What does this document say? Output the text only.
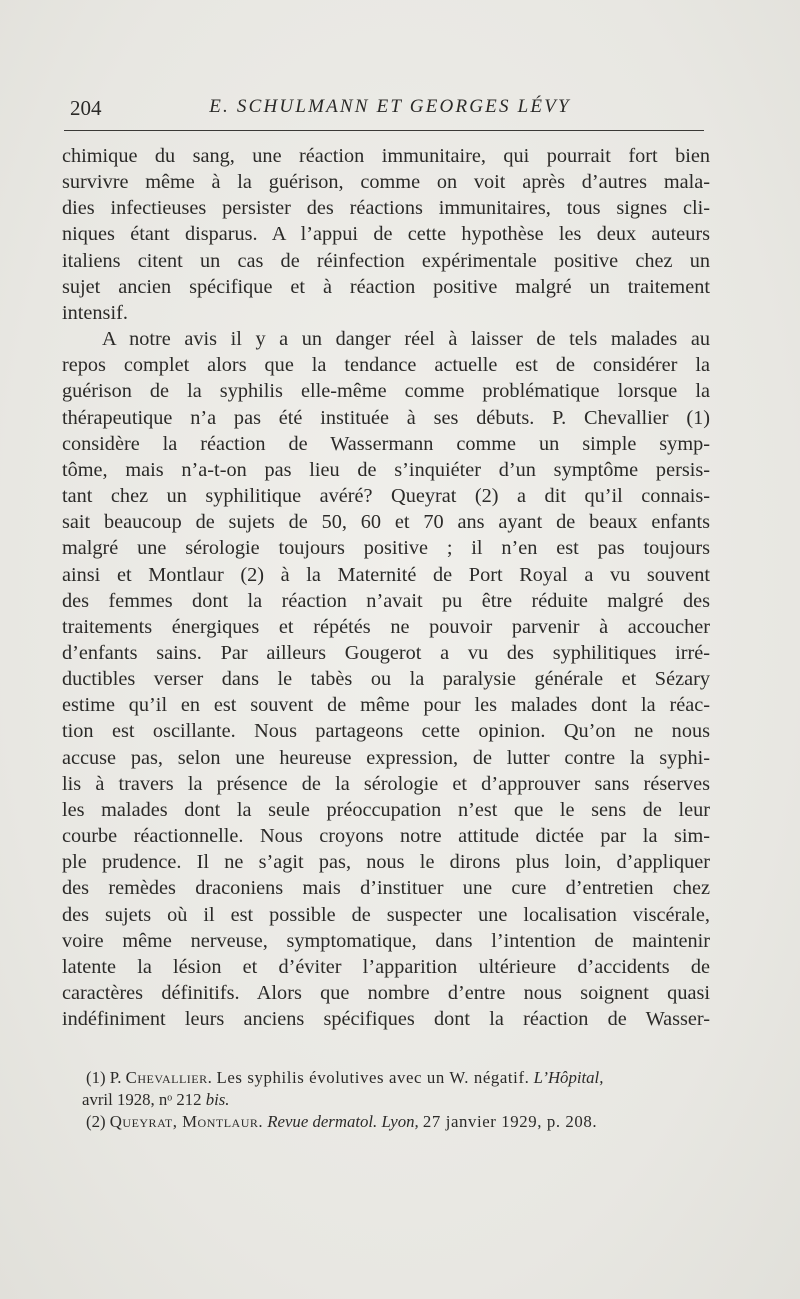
204	E. SCHULMANN ET GEORGES LÉVY
chimique du sang, une réaction immunitaire, qui pourrait fort bien
survivre même à la guérison, comme on voit après d’autres mala-
dies infectieuses persister des réactions immunitaires, tous signes cli-
niques étant disparus. A l’appui de cette hypothèse les deux auteurs
italiens citent un cas de réinfection expérimentale positive chez un
sujet ancien spécifique et à réaction positive malgré un traitement
intensif.
A notre avis il y a un danger réel à laisser de tels malades au
repos complet alors que la tendance actuelle est de considérer la
guérison de la syphilis elle-même comme problématique lorsque la
thérapeutique n’a pas été instituée à ses débuts. P. Chevallier (1)
considère la réaction de Wassermann comme un simple symp-
tôme, mais n’a-t-on pas lieu de s’inquiéter d’un symptôme persis-
tant chez un syphilitique avéré? Queyrat (2) a dit qu’il connais-
sait beaucoup de sujets de 50, 60 et 70 ans ayant de beaux enfants
malgré une sérologie toujours positive ; il n’en est pas toujours
ainsi et Montlaur (2) à la Maternité de Port Royal a vu souvent
des femmes dont la réaction n’avait pu être réduite malgré des
traitements énergiques et répétés ne pouvoir parvenir à accoucher
d’enfants sains. Par ailleurs Gougerot a vu des syphilitiques irré-
ductibles verser dans le tabès ou la paralysie générale et Sézary
estime qu’il en est souvent de même pour les malades dont la réac-
tion est oscillante. Nous partageons cette opinion. Qu’on ne nous
accuse pas, selon une heureuse expression, de lutter contre la syphi-
lis à travers la présence de la sérologie et d’approuver sans réserves
les malades dont la seule préoccupation n’est que le sens de leur
courbe réactionnelle. Nous croyons notre attitude dictée par la sim-
ple prudence. Il ne s’agit pas, nous le dirons plus loin, d’appliquer
des remèdes draconiens mais d’instituer une cure d’entretien chez
des sujets où il est possible de suspecter une localisation viscérale,
voire même nerveuse, symptomatique, dans l’intention de maintenir
latente la lésion et d’éviter l’apparition ultérieure d’accidents de
caractères définitifs. Alors que nombre d’entre nous soignent quasi
indéfiniment leurs anciens spécifiques dont la réaction de Wasser-
(1) P. Chevallier. Les syphilis évolutives avec un W. négatif. L’Hôpital,
avril 1928, nᵒ 212 bis.
(2) Queyrat, Montlaur. Revue dermatol. Lyon, 27 janvier 1929, p. 208.
